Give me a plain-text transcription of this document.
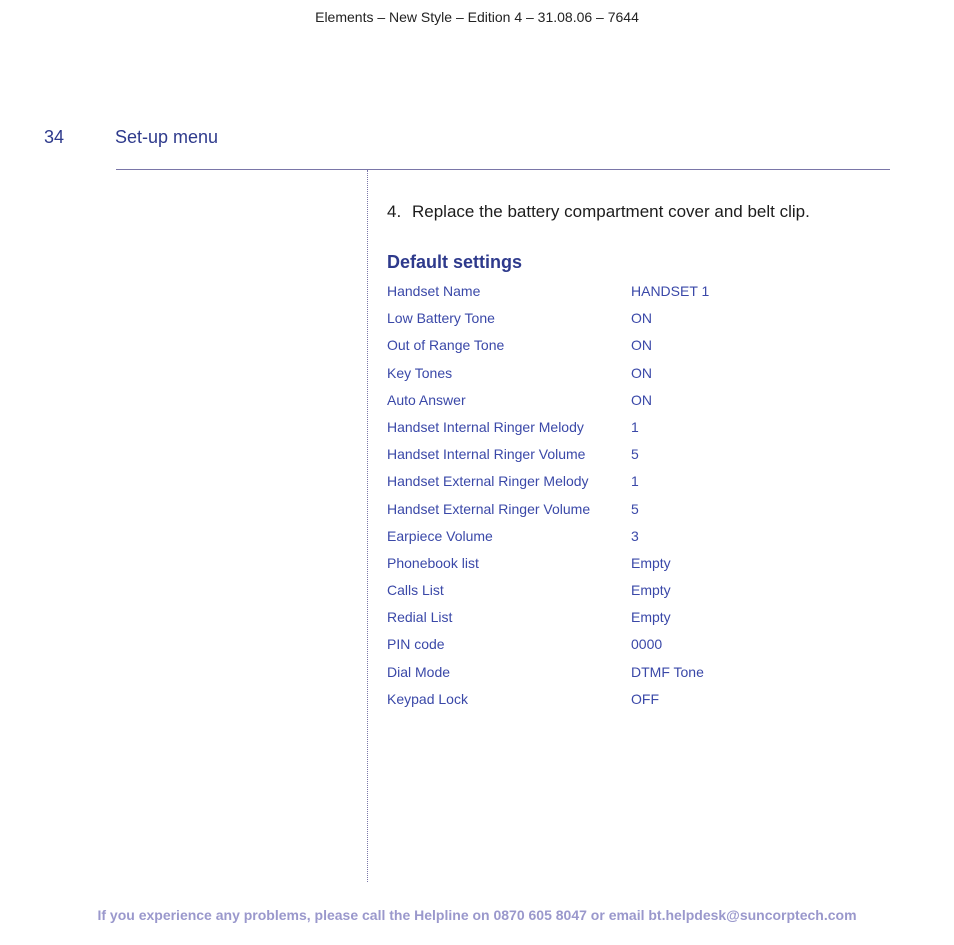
Elements – New Style – Edition 4 – 31.08.06 – 7644
34	Set-up menu
4. Replace the battery compartment cover and belt clip.
Default settings
Handset Name	HANDSET 1
Low Battery Tone	ON
Out of Range Tone	ON
Key Tones	ON
Auto Answer	ON
Handset Internal Ringer Melody	1
Handset Internal Ringer Volume	5
Handset External Ringer Melody	1
Handset External Ringer Volume	5
Earpiece Volume	3
Phonebook list	Empty
Calls List	Empty
Redial List	Empty
PIN code	0000
Dial Mode	DTMF Tone
Keypad Lock	OFF
If you experience any problems, please call the Helpline on 0870 605 8047 or email bt.helpdesk@suncorptech.com
